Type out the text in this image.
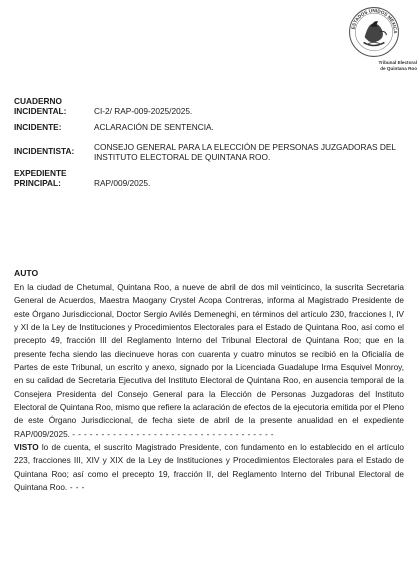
ESTADOS UNIDOS MEXICA
Tribunal Electoral
de Quintana Roo
CUADERNO INCIDENTAL:	CI-2/ RAP-009-2025/2025.
INCIDENTE:	ACLARACIÓN DE SENTENCIA.
INCIDENTISTA:	CONSEJO GENERAL PARA LA ELECCIÓN DE PERSONAS JUZGADORAS DEL INSTITUTO ELECTORAL DE QUINTANA ROO.
EXPEDIENTE PRINCIPAL:	RAP/009/2025.
AUTO

En la ciudad de Chetumal, Quintana Roo, a nueve de abril de dos mil veinticinco, la suscrita Secretaria General de Acuerdos, Maestra Maogany Crystel Acopa Contreras, informa al Magistrado Presidente de este Órgano Jurisdiccional, Doctor Sergio Avilés Demeneghi, en términos del artículo 230, fracciones I, IV y XI de la Ley de Instituciones y Procedimientos Electorales para el Estado de Quintana Roo, así como el precepto 49, fracción III del Reglamento Interno del Tribunal Electoral de Quintana Roo; que en la presente fecha siendo las diecinueve horas con cuarenta y cuatro minutos se recibió en la Oficialía de Partes de este Tribunal, un escrito y anexo, signado por la Licenciada Guadalupe Irma Esquivel Monroy, en su calidad de Secretaria Ejecutiva del Instituto Electoral de Quintana Roo, en ausencia temporal de la Consejera Presidenta del Consejo General para la Elección de Personas Juzgadoras del Instituto Electoral de Quintana Roo, mismo que refiere la aclaración de efectos de la ejecutoria emitida por el Pleno de este Órgano Jurisdiccional, de fecha siete de abril de la presente anualidad en el expediente RAP/009/2025. - - - - - - - - - - - - - - - - - - - - - - - - - - - - - - - - - - -

VISTO lo de cuenta, el suscrito Magistrado Presidente, con fundamento en lo establecido en el artículo 223, fracciones III, XIV y XIX de la Ley de Instituciones y Procedimientos Electorales para el Estado de Quintana Roo; así como el precepto 19, fracción II, del Reglamento Interno del Tribunal Electoral de Quintana Roo. - - -
